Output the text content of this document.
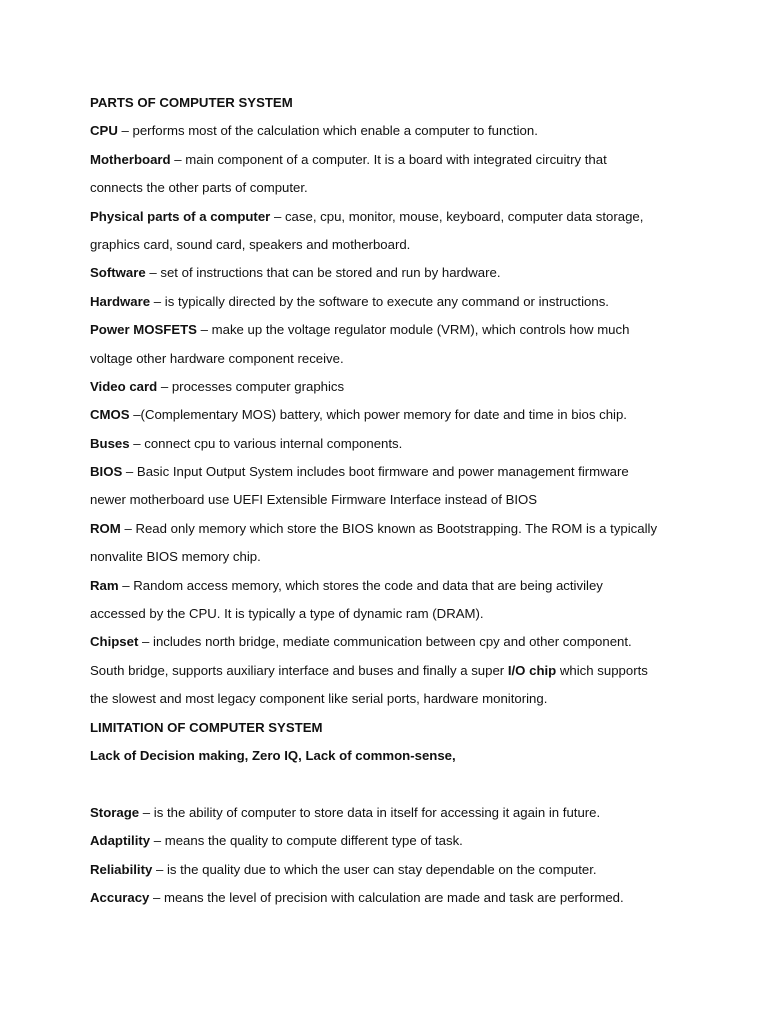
PARTS OF COMPUTER SYSTEM
CPU – performs most of the calculation which enable a computer to function.
Motherboard – main component of a computer. It is a board with integrated circuitry that
connects the other parts of computer.
Physical parts of a computer – case, cpu, monitor, mouse, keyboard, computer data storage,
graphics card, sound card, speakers and motherboard.
Software – set of instructions that can be stored and run by hardware.
Hardware – is typically directed by the software to execute any command or instructions.
Power MOSFETS – make up the voltage regulator module (VRM), which controls how much
voltage other hardware component receive.
Video card – processes computer graphics
CMOS –(Complementary MOS) battery, which power memory for date and time in bios chip.
Buses – connect cpu to various internal components.
BIOS – Basic Input Output System includes boot firmware and power management firmware
newer motherboard use UEFI Extensible Firmware Interface instead of BIOS
ROM – Read only memory which store the BIOS known as Bootstrapping. The ROM is a typically
nonvalite BIOS memory chip.
Ram – Random access memory, which stores the code and data that are being activiley
accessed by the CPU. It is typically a type of dynamic ram (DRAM).
Chipset – includes north bridge, mediate communication between cpy and other component.
South bridge, supports auxiliary interface and buses and finally a super I/O chip which supports
the slowest and most legacy component like serial ports, hardware monitoring.
LIMITATION OF COMPUTER SYSTEM
Lack of Decision making, Zero IQ, Lack of common-sense,
Storage – is the ability of computer to store data in itself for accessing it again in future.
Adaptility – means the quality to compute different type of task.
Reliability – is the quality due to which the user can stay dependable on the computer.
Accuracy – means the level of precision with calculation are made and task are performed.
